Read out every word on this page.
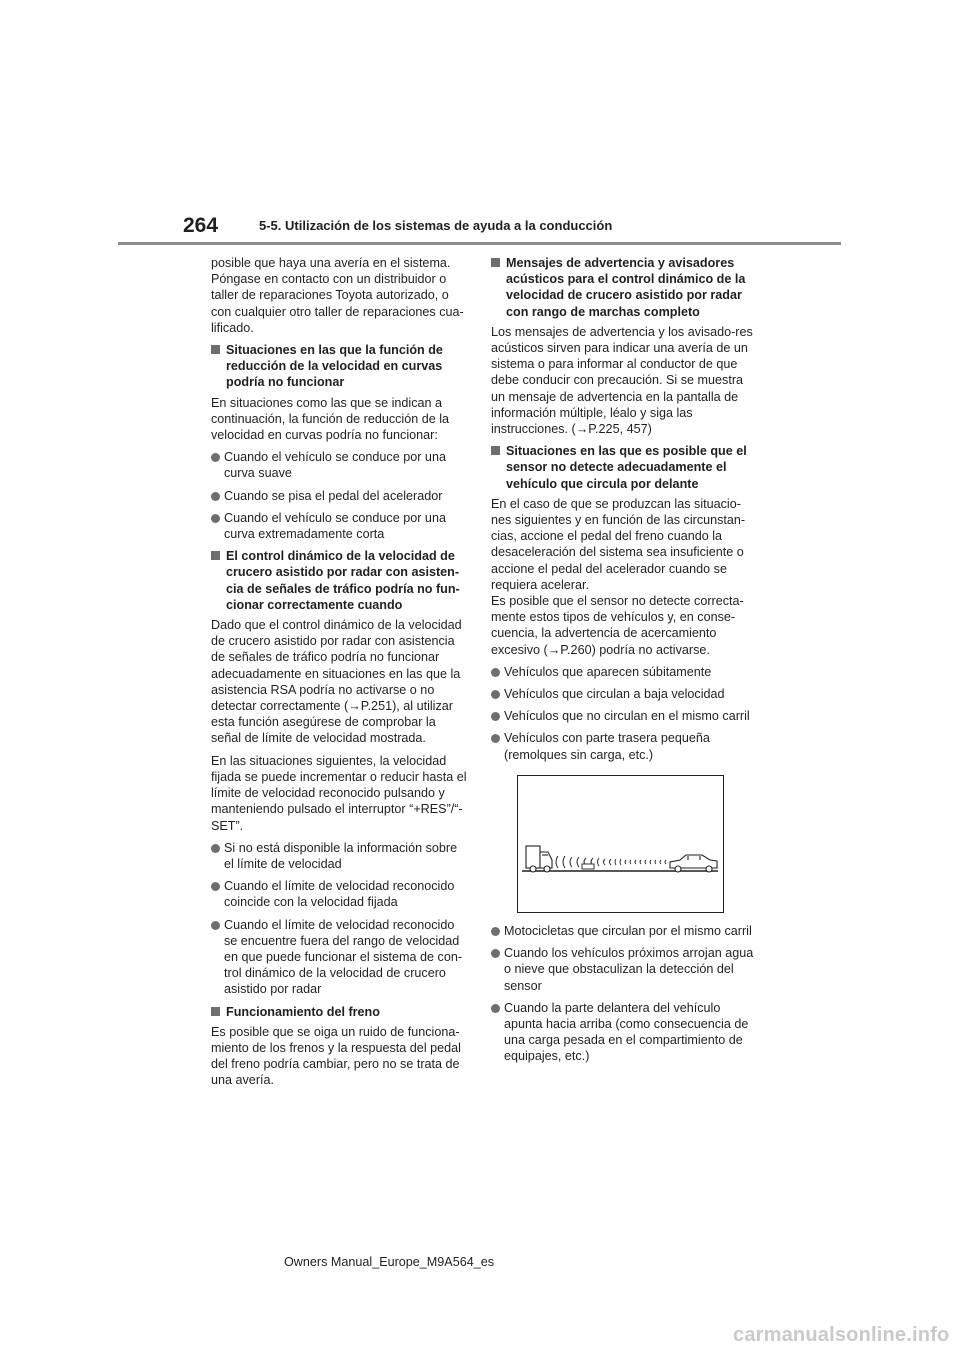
264	5-5. Utilización de los sistemas de ayuda a la conducción

posible que haya una avería en el sistema. Póngase en contacto con un distribuidor o taller de reparaciones Toyota autorizado, o con cualquier otro taller de reparaciones cua-lificado.

Situaciones en las que la función de reducción de la velocidad en curvas podría no funcionar

En situaciones como las que se indican a continuación, la función de reducción de la velocidad en curvas podría no funcionar:

Cuando el vehículo se conduce por una curva suave
Cuando se pisa el pedal del acelerador
Cuando el vehículo se conduce por una curva extremadamente corta
El control dinámico de la velocidad de crucero asistido por radar con asisten-cia de señales de tráfico podría no fun-cionar correctamente cuando

Dado que el control dinámico de la velocidad de crucero asistido por radar con asistencia de señales de tráfico podría no funcionar adecuadamente en situaciones en las que la asistencia RSA podría no activarse o no detectar correctamente (→P.251), al utilizar esta función asegúrese de comprobar la señal de límite de velocidad mostrada.

En las situaciones siguientes, la velocidad fijada se puede incrementar o reducir hasta el límite de velocidad reconocido pulsando y manteniendo pulsado el interruptor “+RES”/“-SET”.

Si no está disponible la información sobre el límite de velocidad
Cuando el límite de velocidad reconocido coincide con la velocidad fijada
Cuando el límite de velocidad reconocido se encuentre fuera del rango de velocidad en que puede funcionar el sistema de con-trol dinámico de la velocidad de crucero asistido por radar
Funcionamiento del freno

Es posible que se oiga un ruido de funciona-miento de los frenos y la respuesta del pedal del freno podría cambiar, pero no se trata de una avería.

Mensajes de advertencia y avisadores acústicos para el control dinámico de la velocidad de crucero asistido por radar con rango de marchas completo

Los mensajes de advertencia y los avisado-res acústicos sirven para indicar una avería de un sistema o para informar al conductor de que debe conducir con precaución. Si se muestra un mensaje de advertencia en la pantalla de información múltiple, léalo y siga las instrucciones. (→P.225, 457)

Situaciones en las que es posible que el sensor no detecte adecuadamente el vehículo que circula por delante

En el caso de que se produzcan las situacio-nes siguientes y en función de las circunstan-cias, accione el pedal del freno cuando la desaceleración del sistema sea insuficiente o accione el pedal del acelerador cuando se requiera acelerar.

Es posible que el sensor no detecte correcta-mente estos tipos de vehículos y, en conse-cuencia, la advertencia de acercamiento excesivo (→P.260) podría no activarse.

Vehículos que aparecen súbitamente
Vehículos que circulan a baja velocidad
Vehículos que no circulan en el mismo carril
Vehículos con parte trasera pequeña (remolques sin carga, etc.)
Motocicletas que circulan por el mismo carril
Cuando los vehículos próximos arrojan agua o nieve que obstaculizan la detección del sensor
Cuando la parte delantera del vehículo apunta hacia arriba (como consecuencia de una carga pesada en el compartimiento de equipajes, etc.)
Owners Manual_Europe_M9A564_es
carmanualsonline.info
